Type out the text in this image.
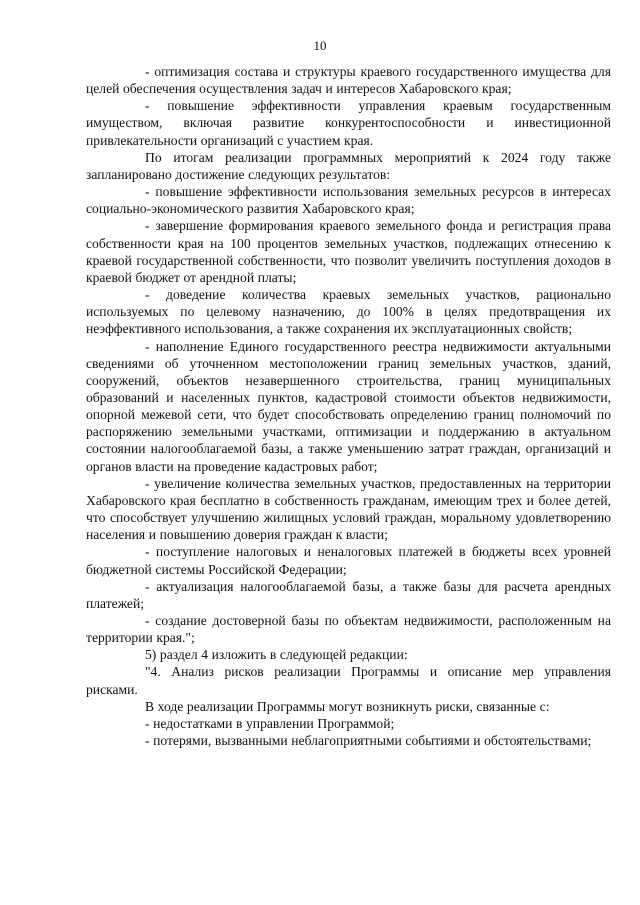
10

- оптимизация состава и структуры краевого государственного имущества для целей обеспечения осуществления задач и интересов Хабаровского края;

- повышение эффективности управления краевым государственным имуществом, включая развитие конкурентоспособности и инвестиционной привлекательности организаций с участием края.

По итогам реализации программных мероприятий к 2024 году также запланировано достижение следующих результатов:

- повышение эффективности использования земельных ресурсов в интересах социально-экономического развития Хабаровского края;

- завершение формирования краевого земельного фонда и регистрация права собственности края на 100 процентов земельных участков, подлежащих отнесению к краевой государственной собственности, что позволит увеличить поступления доходов в краевой бюджет от арендной платы;

- доведение количества краевых земельных участков, рационально используемых по целевому назначению, до 100% в целях предотвращения их неэффективного использования, а также сохранения их эксплуатационных свойств;

- наполнение Единого государственного реестра недвижимости актуальными сведениями об уточненном местоположении границ земельных участков, зданий, сооружений, объектов незавершенного строительства, границ муниципальных образований и населенных пунктов, кадастровой стоимости объектов недвижимости, опорной межевой сети, что будет способствовать определению границ полномочий по распоряжению земельными участками, оптимизации и поддержанию в актуальном состоянии налогооблагаемой базы, а также уменьшению затрат граждан, организаций и органов власти на проведение кадастровых работ;

- увеличение количества земельных участков, предоставленных на территории Хабаровского края бесплатно в собственность гражданам, имеющим трех и более детей, что способствует улучшению жилищных условий граждан, моральному удовлетворению населения и повышению доверия граждан к власти;

- поступление налоговых и неналоговых платежей в бюджеты всех уровней бюджетной системы Российской Федерации;

- актуализация налогооблагаемой базы, а также базы для расчета арендных платежей;

- создание достоверной базы по объектам недвижимости, расположенным на территории края.";

5) раздел 4 изложить в следующей редакции:

"4. Анализ рисков реализации Программы и описание мер управления рисками.

В ходе реализации Программы могут возникнуть риски, связанные с:

- недостатками в управлении Программой;

- потерями, вызванными неблагоприятными событиями и обстоятельствами;
